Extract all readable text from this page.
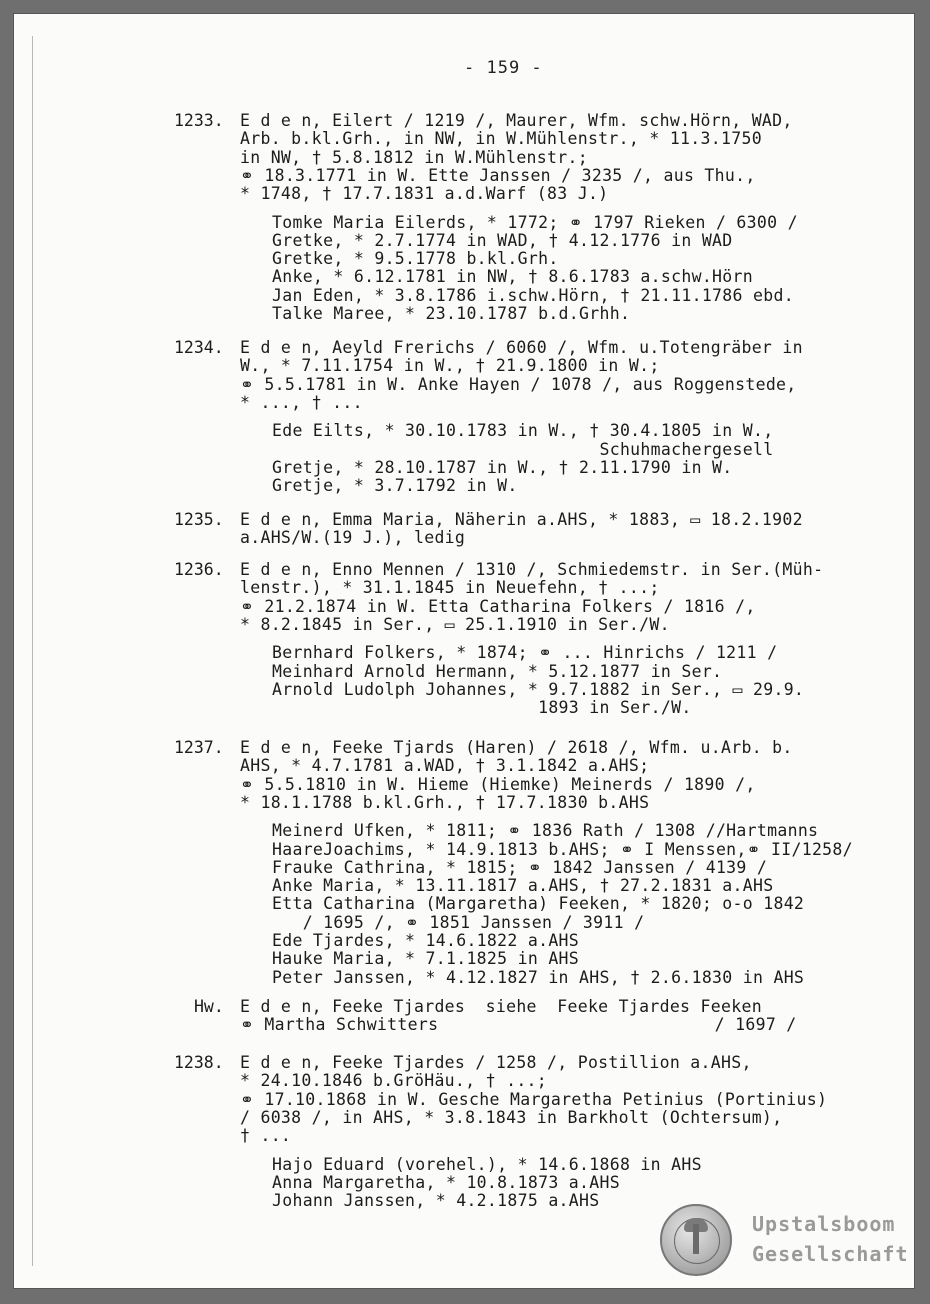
- 159 -
1233. E d e n, Eilert / 1219 /, Maurer, Wfm. schw.Hörn, WAD,
Arb. b.kl.Grh., in NW, in W.Mühlenstr., * 11.3.1750
in NW, † 5.8.1812 in W.Mühlenstr.;
⚭ 18.3.1771 in W. Ette Janssen / 3235 /, aus Thu.,
* 1748, † 17.7.1831 a.d.Warf (83 J.)
Tomke Maria Eilerds, * 1772; ⚭ 1797 Rieken / 6300 /
Gretke, * 2.7.1774 in WAD, † 4.12.1776 in WAD
Gretke, * 9.5.1778 b.kl.Grh.
Anke, * 6.12.1781 in NW, † 8.6.1783 a.schw.Hörn
Jan Eden, * 3.8.1786 i.schw.Hörn, † 21.11.1786 ebd.
Talke Maree, * 23.10.1787 b.d.Grhh.
1234. E d e n, Aeyld Frerichs / 6060 /, Wfm. u.Totengräber in
W., * 7.11.1754 in W., † 21.9.1800 in W.;
⚭ 5.5.1781 in W. Anke Hayen / 1078 /, aus Roggenstede,
* ..., † ...
Ede Eilts, * 30.10.1783 in W., † 30.4.1805 in W.,
Schuhmachergesell
Gretje, * 28.10.1787 in W., † 2.11.1790 in W.
Gretje, * 3.7.1792 in W.
1235. E d e n, Emma Maria, Näherin a.AHS, * 1883, ▭ 18.2.1902
a.AHS/W.(19 J.), ledig
1236. E d e n, Enno Mennen / 1310 /, Schmiedemstr. in Ser.(Müh-
lenstr.), * 31.1.1845 in Neuefehn, † ...;
⚭ 21.2.1874 in W. Etta Catharina Folkers / 1816 /,
* 8.2.1845 in Ser., ▭ 25.1.1910 in Ser./W.
Bernhard Folkers, * 1874; ⚭ ... Hinrichs / 1211 /
Meinhard Arnold Hermann, * 5.12.1877 in Ser.
Arnold Ludolph Johannes, * 9.7.1882 in Ser., ▭ 29.9.
1893 in Ser./W.
1237. E d e n, Feeke Tjards (Haren) / 2618 /, Wfm. u.Arb. b.
AHS, * 4.7.1781 a.WAD, † 3.1.1842 a.AHS;
⚭ 5.5.1810 in W. Hieme (Hiemke) Meinerds / 1890 /,
* 18.1.1788 b.kl.Grh., † 17.7.1830 b.AHS
Meinerd Ufken, * 1811; ⚭ 1836 Rath / 1308 //Hartmanns
HaareJoachims, * 14.9.1813 b.AHS; ⚭ I Menssen,⚭ II/1258/
Frauke Cathrina, * 1815; ⚭ 1842 Janssen / 4139 /
Anke Maria, * 13.11.1817 a.AHS, † 27.2.1831 a.AHS
Etta Catharina (Margaretha) Feeken, * 1820; o-o 1842
/ 1695 /, ⚭ 1851 Janssen / 3911 /
Ede Tjardes, * 14.6.1822 a.AHS
Hauke Maria, * 7.1.1825 in AHS
Peter Janssen, * 4.12.1827 in AHS, † 2.6.1830 in AHS
Hw. E d e n, Feeke Tjardes  siehe  Feeke Tjardes Feeken
⚭ Martha Schwitters                           / 1697 /
1238. E d e n, Feeke Tjardes / 1258 /, Postillion a.AHS,
* 24.10.1846 b.GröHäu., † ...;
⚭ 17.10.1868 in W. Gesche Margaretha Petinius (Portinius)
/ 6038 /, in AHS, * 3.8.1843 in Barkholt (Ochtersum),
† ...
Hajo Eduard (vorehel.), * 14.6.1868 in AHS
Anna Margaretha, * 10.8.1873 a.AHS
Johann Janssen, * 4.2.1875 a.AHS
Upstalsboom
Gesellschaft
